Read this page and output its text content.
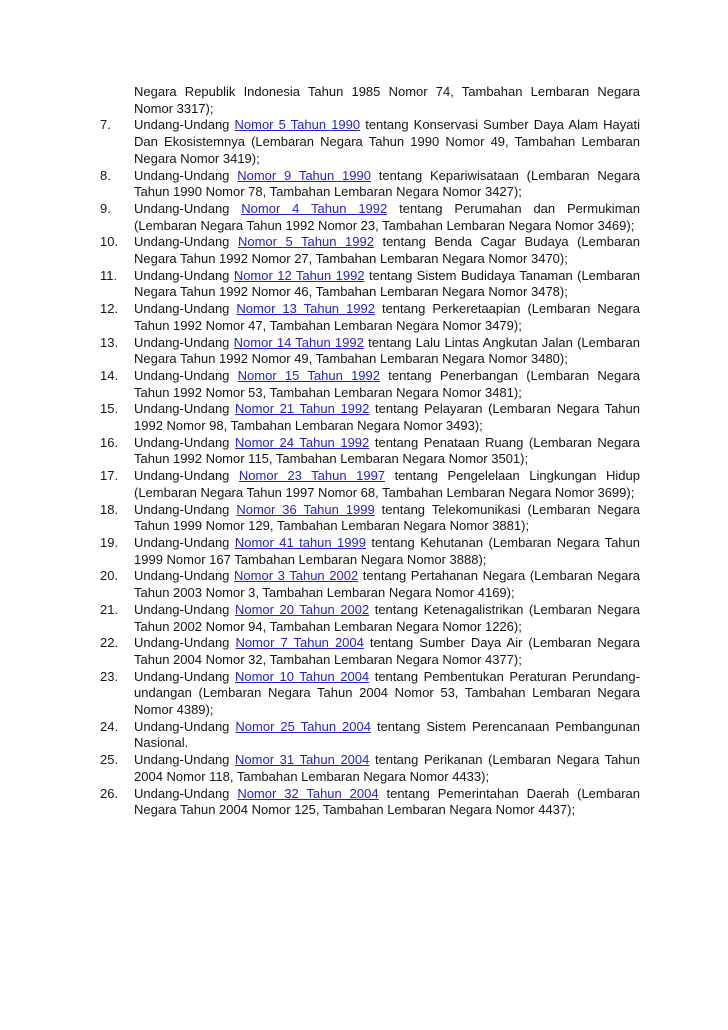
Negara Republik Indonesia Tahun 1985 Nomor 74, Tambahan Lembaran Negara Nomor 3317);

7.	Undang-Undang Nomor 5 Tahun 1990 tentang Konservasi Sumber Daya Alam Hayati Dan Ekosistemnya (Lembaran Negara Tahun 1990 Nomor 49, Tambahan Lembaran Negara Nomor 3419);
8.	Undang-Undang Nomor 9 Tahun 1990 tentang Kepariwisataan (Lembaran Negara Tahun 1990 Nomor 78, Tambahan Lembaran Negara Nomor 3427);
9.	Undang-Undang Nomor 4 Tahun 1992 tentang Perumahan dan Permukiman (Lembaran Negara Tahun 1992 Nomor 23, Tambahan Lembaran Negara Nomor 3469);
10.	Undang-Undang Nomor 5 Tahun 1992 tentang Benda Cagar Budaya (Lembaran Negara Tahun 1992 Nomor 27, Tambahan Lembaran Negara Nomor 3470);
11.	Undang-Undang Nomor 12 Tahun 1992 tentang Sistem Budidaya Tanaman (Lembaran Negara Tahun 1992 Nomor 46, Tambahan Lembaran Negara Nomor 3478);
12.	Undang-Undang Nomor 13 Tahun 1992 tentang Perkeretaapian (Lembaran Negara Tahun 1992 Nomor 47, Tambahan Lembaran Negara Nomor 3479);
13.	Undang-Undang Nomor 14 Tahun 1992 tentang Lalu Lintas Angkutan Jalan (Lembaran Negara Tahun 1992 Nomor 49, Tambahan Lembaran Negara Nomor 3480);
14.	Undang-Undang Nomor 15 Tahun 1992 tentang Penerbangan (Lembaran Negara Tahun 1992 Nomor 53, Tambahan Lembaran Negara Nomor 3481);
15.	Undang-Undang Nomor 21 Tahun 1992 tentang Pelayaran (Lembaran Negara Tahun 1992 Nomor 98, Tambahan Lembaran Negara Nomor 3493);
16.	Undang-Undang Nomor 24 Tahun 1992 tentang Penataan Ruang (Lembaran Negara Tahun 1992 Nomor 115, Tambahan Lembaran Negara Nomor 3501);
17.	Undang-Undang Nomor 23 Tahun 1997 tentang Pengelelaan Lingkungan Hidup (Lembaran Negara Tahun 1997 Nomor 68, Tambahan Lembaran Negara Nomor 3699);
18.	Undang-Undang Nomor 36 Tahun 1999 tentang Telekomunikasi (Lembaran Negara Tahun 1999 Nomor 129, Tambahan Lembaran Negara Nomor 3881);
19.	Undang-Undang Nomor 41 tahun 1999 tentang Kehutanan (Lembaran Negara Tahun 1999 Nomor 167 Tambahan Lembaran Negara Nomor 3888);
20.	Undang-Undang Nomor 3 Tahun 2002 tentang Pertahanan Negara (Lembaran Negara Tahun 2003 Nomor 3, Tambahan Lembaran Negara Nomor 4169);
21.	Undang-Undang Nomor 20 Tahun 2002 tentang Ketenagalistrikan (Lembaran Negara Tahun 2002 Nomor 94, Tambahan Lembaran Negara Nomor 1226);
22.	Undang-Undang Nomor 7 Tahun 2004 tentang Sumber Daya Air (Lembaran Negara Tahun 2004 Nomor 32, Tambahan Lembaran Negara Nomor 4377);
23.	Undang-Undang Nomor 10 Tahun 2004 tentang Pembentukan Peraturan Perundang-undangan (Lembaran Negara Tahun 2004 Nomor 53, Tambahan Lembaran Negara Nomor 4389);
24.	Undang-Undang Nomor 25 Tahun 2004 tentang Sistem Perencanaan Pembangunan Nasional.
25.	Undang-Undang Nomor 31 Tahun 2004 tentang Perikanan (Lembaran Negara Tahun 2004 Nomor 118, Tambahan Lembaran Negara Nomor 4433);
26.	Undang-Undang Nomor 32 Tahun 2004 tentang Pemerintahan Daerah (Lembaran Negara Tahun 2004 Nomor 125, Tambahan Lembaran Negara Nomor 4437);
